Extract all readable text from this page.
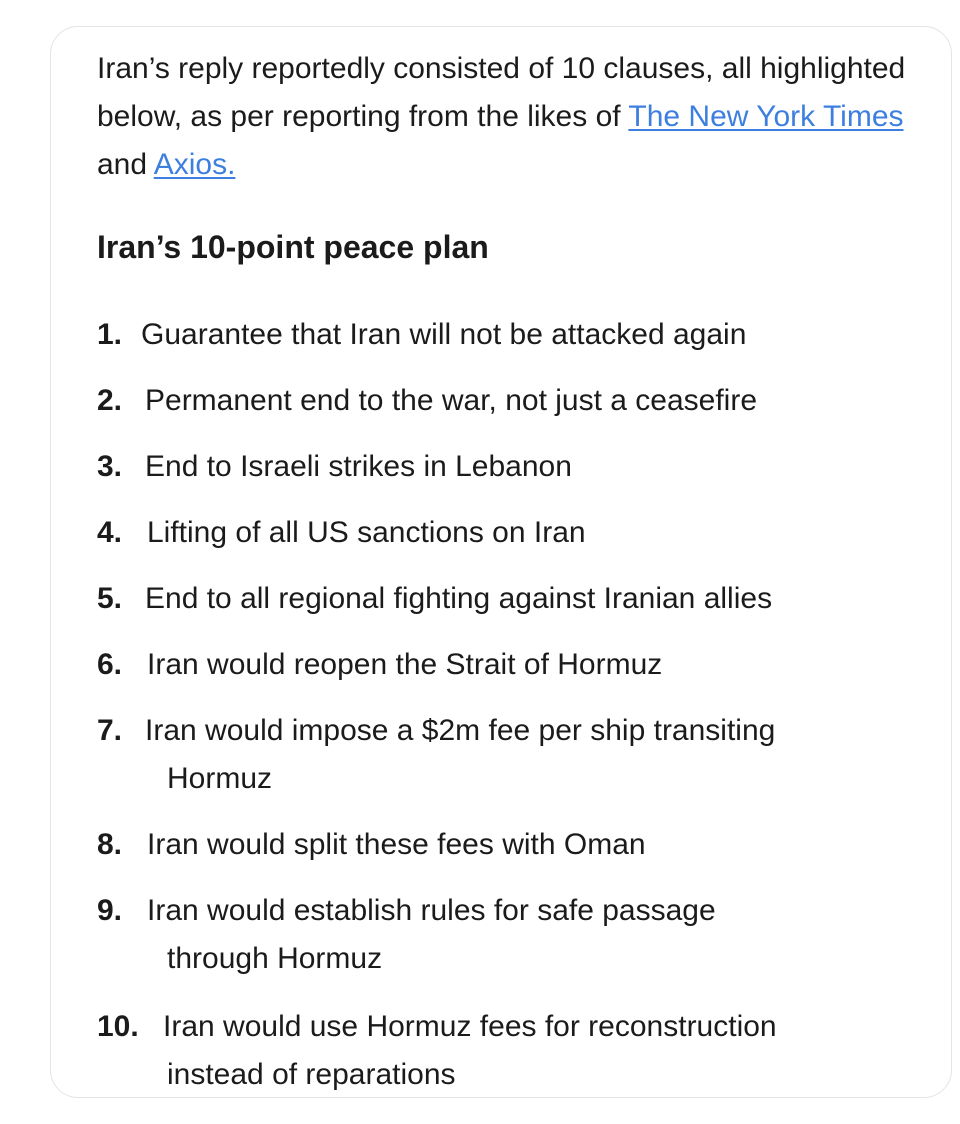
Iran’s reply reportedly consisted of 10 clauses, all highlighted below, as per reporting from the likes of The New York Times and Axios.

Iran’s 10-point peace plan
1. Guarantee that Iran will not be attacked again
2. Permanent end to the war, not just a ceasefire
3. End to Israeli strikes in Lebanon
4. Lifting of all US sanctions on Iran
5. End to all regional fighting against Iranian allies
6. Iran would reopen the Strait of Hormuz
7. Iran would impose a $2m fee per ship transiting
Hormuz
8. Iran would split these fees with Oman
9. Iran would establish rules for safe passage
through Hormuz
10. Iran would use Hormuz fees for reconstruction
instead of reparations
